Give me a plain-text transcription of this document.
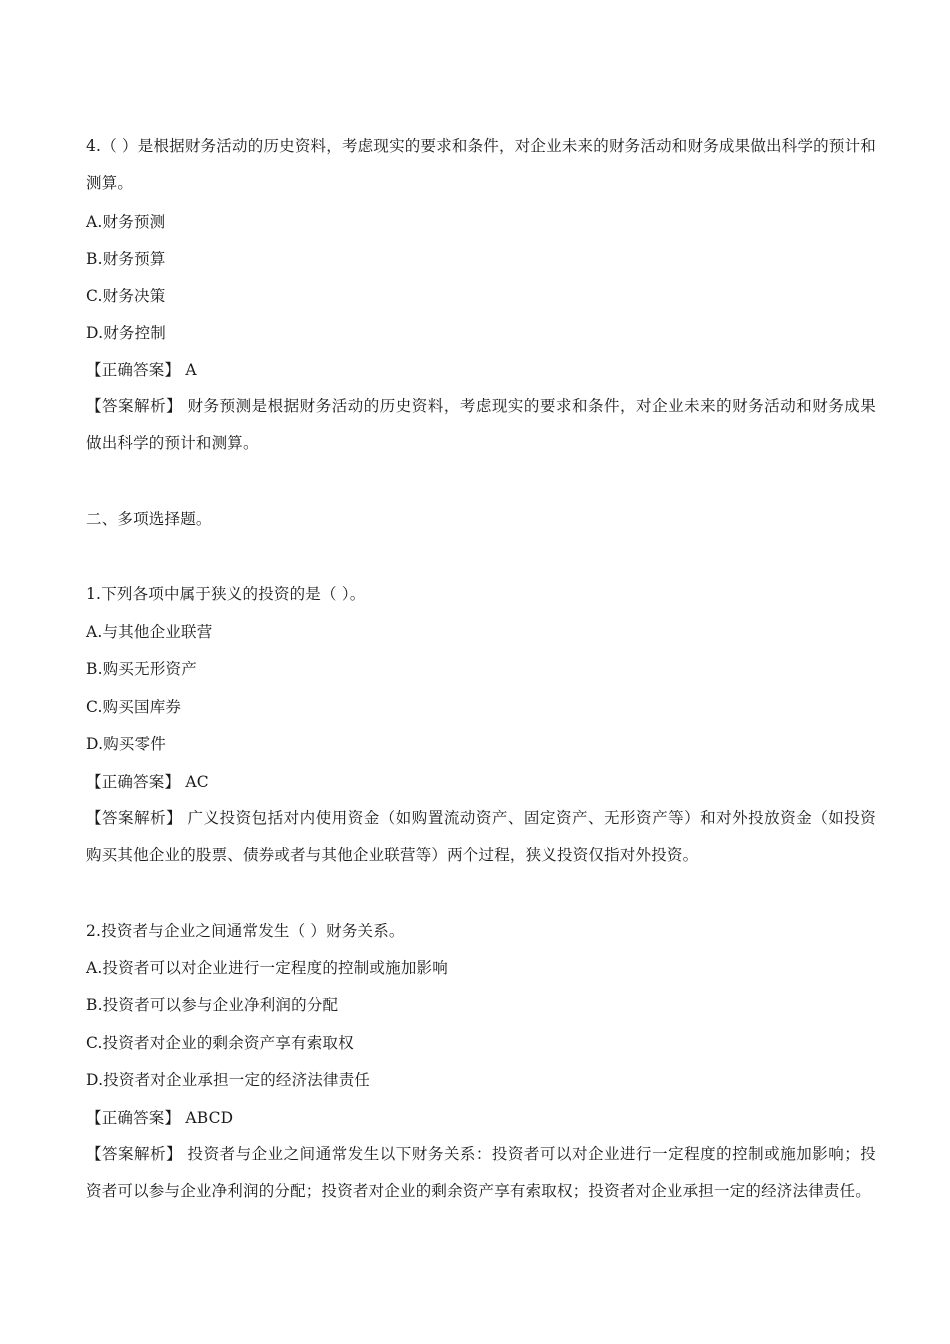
4.（ ）是根据财务活动的历史资料，考虑现实的要求和条件，对企业未来的财务活动和财务成果做出科学的预计和测算。
A.财务预测
B.财务预算
C.财务决策
D.财务控制
【正确答案】 A
【答案解析】 财务预测是根据财务活动的历史资料，考虑现实的要求和条件，对企业未来的财务活动和财务成果做出科学的预计和测算。
二、多项选择题。
1.下列各项中属于狭义的投资的是（ ）。
A.与其他企业联营
B.购买无形资产
C.购买国库券
D.购买零件
【正确答案】 AC
【答案解析】 广义投资包括对内使用资金（如购置流动资产、固定资产、无形资产等）和对外投放资金（如投资购买其他企业的股票、债券或者与其他企业联营等）两个过程，狭义投资仅指对外投资。
2.投资者与企业之间通常发生（ ）财务关系。
A.投资者可以对企业进行一定程度的控制或施加影响
B.投资者可以参与企业净利润的分配
C.投资者对企业的剩余资产享有索取权
D.投资者对企业承担一定的经济法律责任
【正确答案】 ABCD
【答案解析】 投资者与企业之间通常发生以下财务关系：投资者可以对企业进行一定程度的控制或施加影响；投资者可以参与企业净利润的分配；投资者对企业的剩余资产享有索取权；投资者对企业承担一定的经济法律责任。
